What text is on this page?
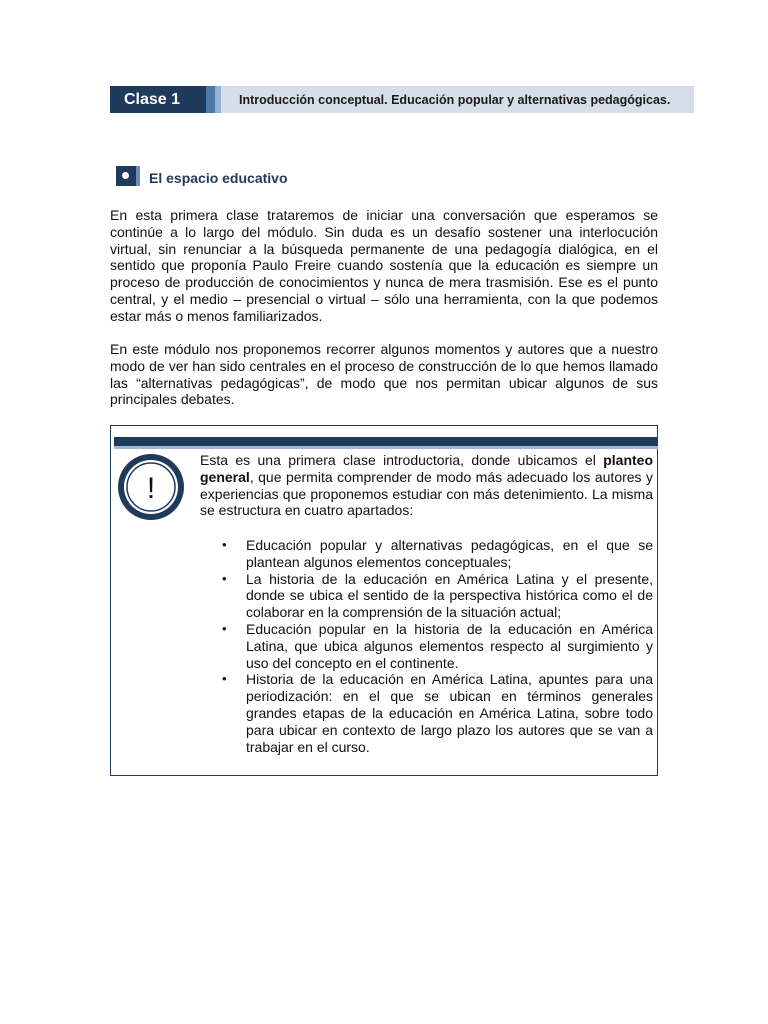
Clase 1	Introducción conceptual. Educación popular y alternativas pedagógicas.
El espacio educativo

En esta primera clase trataremos de iniciar una conversación que esperamos se continúe a lo largo del módulo. Sin duda es un desafío sostener una interlocución virtual, sin renunciar a la búsqueda permanente de una pedagogía dialógica, en el sentido que proponía Paulo Freire cuando sostenía que la educación es siempre un proceso de producción de conocimientos y nunca de mera trasmisión. Ese es el punto central, y el medio – presencial o virtual – sólo una herramienta, con la que podemos estar más o menos familiarizados.

En este módulo nos proponemos recorrer algunos momentos y autores que a nuestro modo de ver han sido centrales en el proceso de construcción de lo que hemos llamado las “alternativas pedagógicas”, de modo que nos permitan ubicar algunos de sus principales debates.

!

Esta es una primera clase introductoria, donde ubicamos el planteo general, que permita comprender de modo más adecuado los autores y experiencias que proponemos estudiar con más detenimiento. La misma se estructura en cuatro apartados:

• Educación popular y alternativas pedagógicas, en el que se plantean algunos elementos conceptuales;
• La historia de la educación en América Latina y el presente, donde se ubica el sentido de la perspectiva histórica como el de colaborar en la comprensión de la situación actual;
• Educación popular en la historia de la educación en América Latina, que ubica algunos elementos respecto al surgimiento y uso del concepto en el continente.
• Historia de la educación en América Latina, apuntes para una periodización: en el que se ubican en términos generales grandes etapas de la educación en América Latina, sobre todo para ubicar en contexto de largo plazo los autores que se van a trabajar en el curso.
